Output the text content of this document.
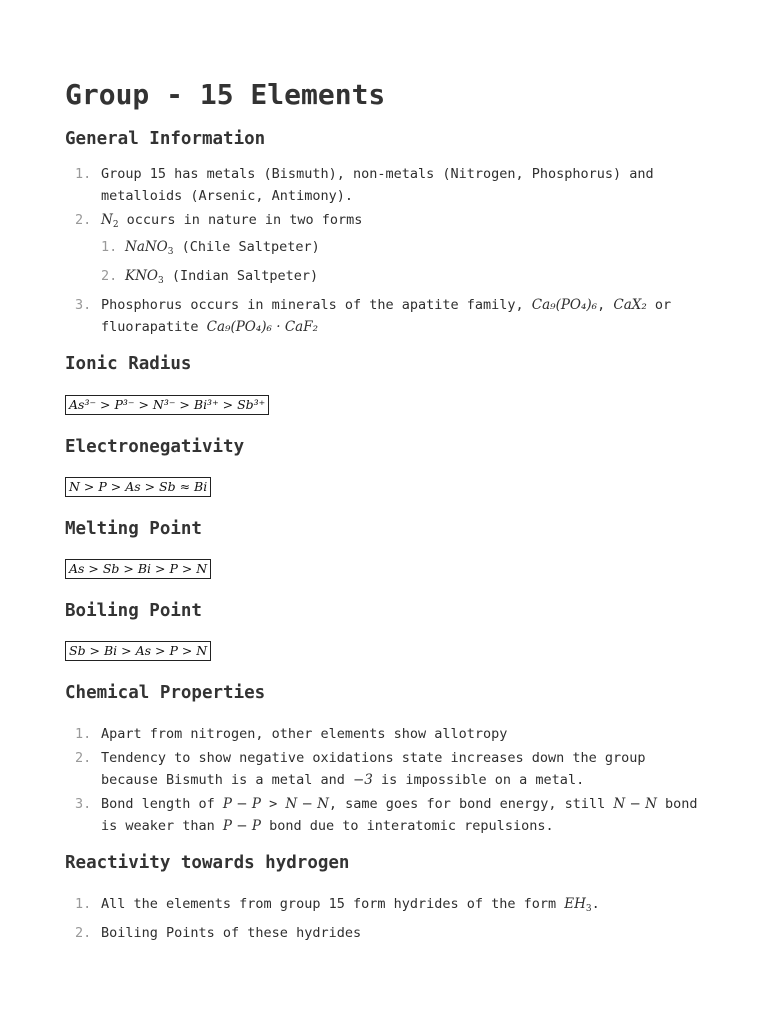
Group - 15 Elements
General Information
Group 15 has metals (Bismuth), non-metals (Nitrogen, Phosphorus) and metalloids (Arsenic, Antimony).
$N_2$ occurs in nature in two forms
NaNO$_3$ (Chile Saltpeter)
$KNO_3$ (Indian Saltpeter)
Phosphorus occurs in minerals of the apatite family, Ca₉(PO₄)₆, CaX₂ or
fluorapatite Ca₉(PO₄)₆ · CaF₂
Ionic Radius
As³⁻ > P³⁻ > N³⁻ > Bi³⁺ > Sb³⁺
Electronegativity
N > P > As > Sb ≈ Bi
Melting Point
As > Sb > Bi > P > N
Boiling Point
Sb > Bi > As > P > N
Chemical Properties
Apart from nitrogen, other elements show allotropy
Tendency to show negative oxidations state increases down the group
because Bismuth is a metal and −3 is impossible on a metal.
Bond length of P − P > N − N, same goes for bond energy, still N − N bond
is weaker than P − P bond due to interatomic repulsions.
Reactivity towards hydrogen
All the elements from group 15 form hydrides of the form $EH_3$.
Boiling Points of these hydrides
